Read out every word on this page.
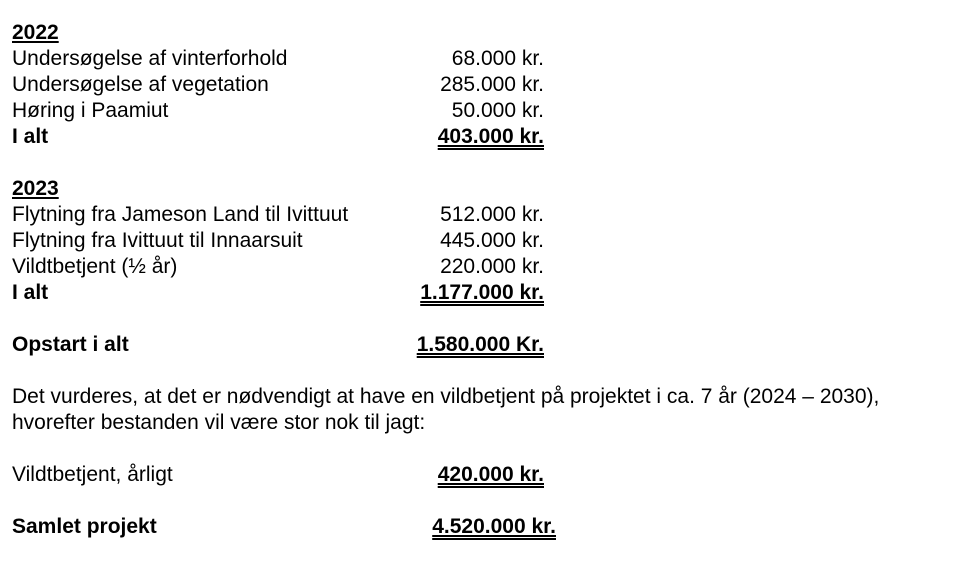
2022
Undersøgelse af vinterforhold	68.000 kr.
Undersøgelse af vegetation	285.000 kr.
Høring i Paamiut	50.000 kr.
I alt	403.000 kr.
2023
Flytning fra Jameson Land til Ivittuut	512.000 kr.
Flytning fra Ivittuut til Innaarsuit	445.000 kr.
Vildtbetjent (½ år)	220.000 kr.
I alt	1.177.000 kr.
Opstart i alt	1.580.000 Kr.
Det vurderes, at det er nødvendigt at have en vildbetjent på projektet i ca. 7 år (2024 – 2030),
hvorefter bestanden vil være stor nok til jagt:
Vildtbetjent, årligt	420.000 kr.
Samlet projekt	4.520.000 kr.
